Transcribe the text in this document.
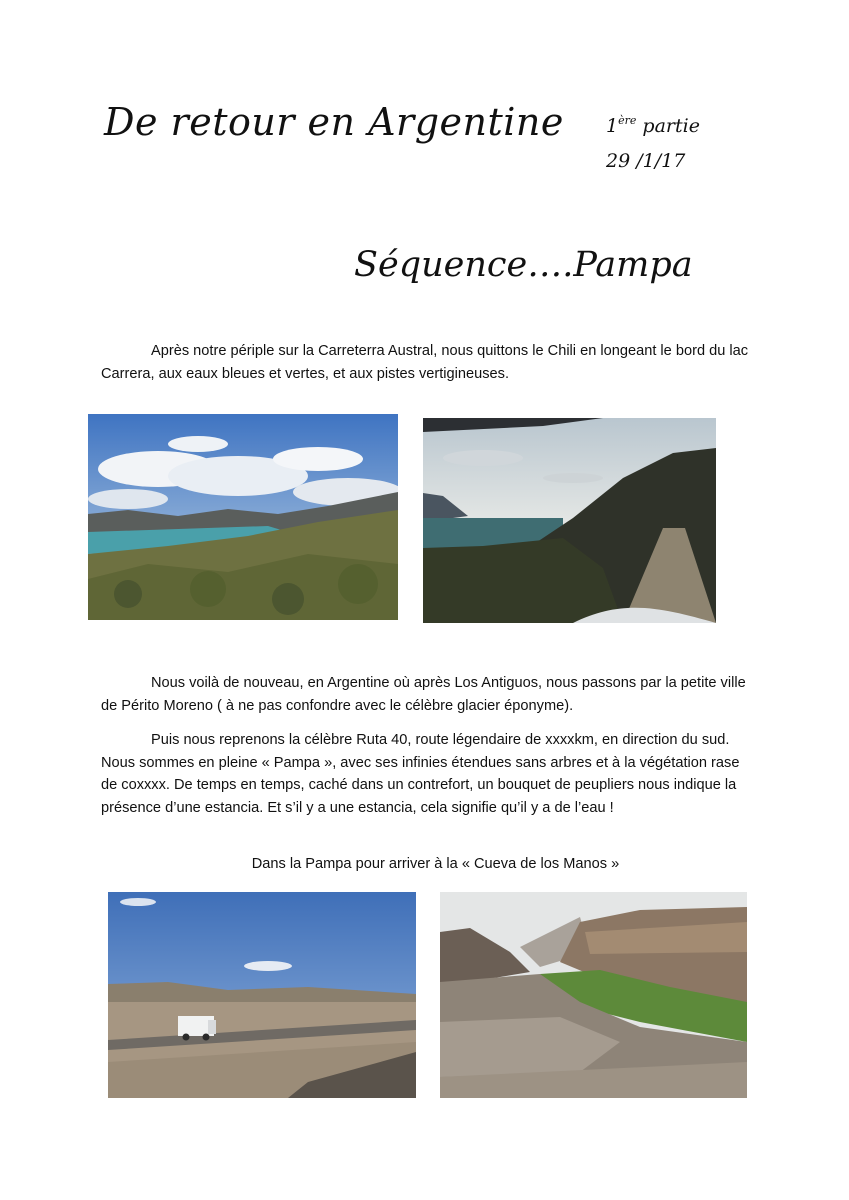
De retour en Argentine 1ère partie
29 /1/17
Séquence….Pampa

Après notre périple sur la Carreterra Austral, nous quittons le Chili en longeant le bord du lac Carrera, aux eaux bleues et vertes, et aux pistes vertigineuses.

Nous voilà de nouveau, en Argentine où après Los Antiguos, nous passons par la petite ville de Périto Moreno ( à ne pas confondre avec le célèbre glacier éponyme).

Puis nous reprenons la célèbre Ruta 40, route légendaire de xxxxkm, en direction du sud. Nous sommes en pleine « Pampa », avec ses infinies étendues sans arbres et à la végétation rase de coxxxx. De temps en temps, caché dans un contrefort, un bouquet de peupliers nous indique la présence d’une estancia. Et s’il y a une estancia, cela signifie qu’il y a de l’eau !

Dans la Pampa pour arriver à la « Cueva de los Manos »
